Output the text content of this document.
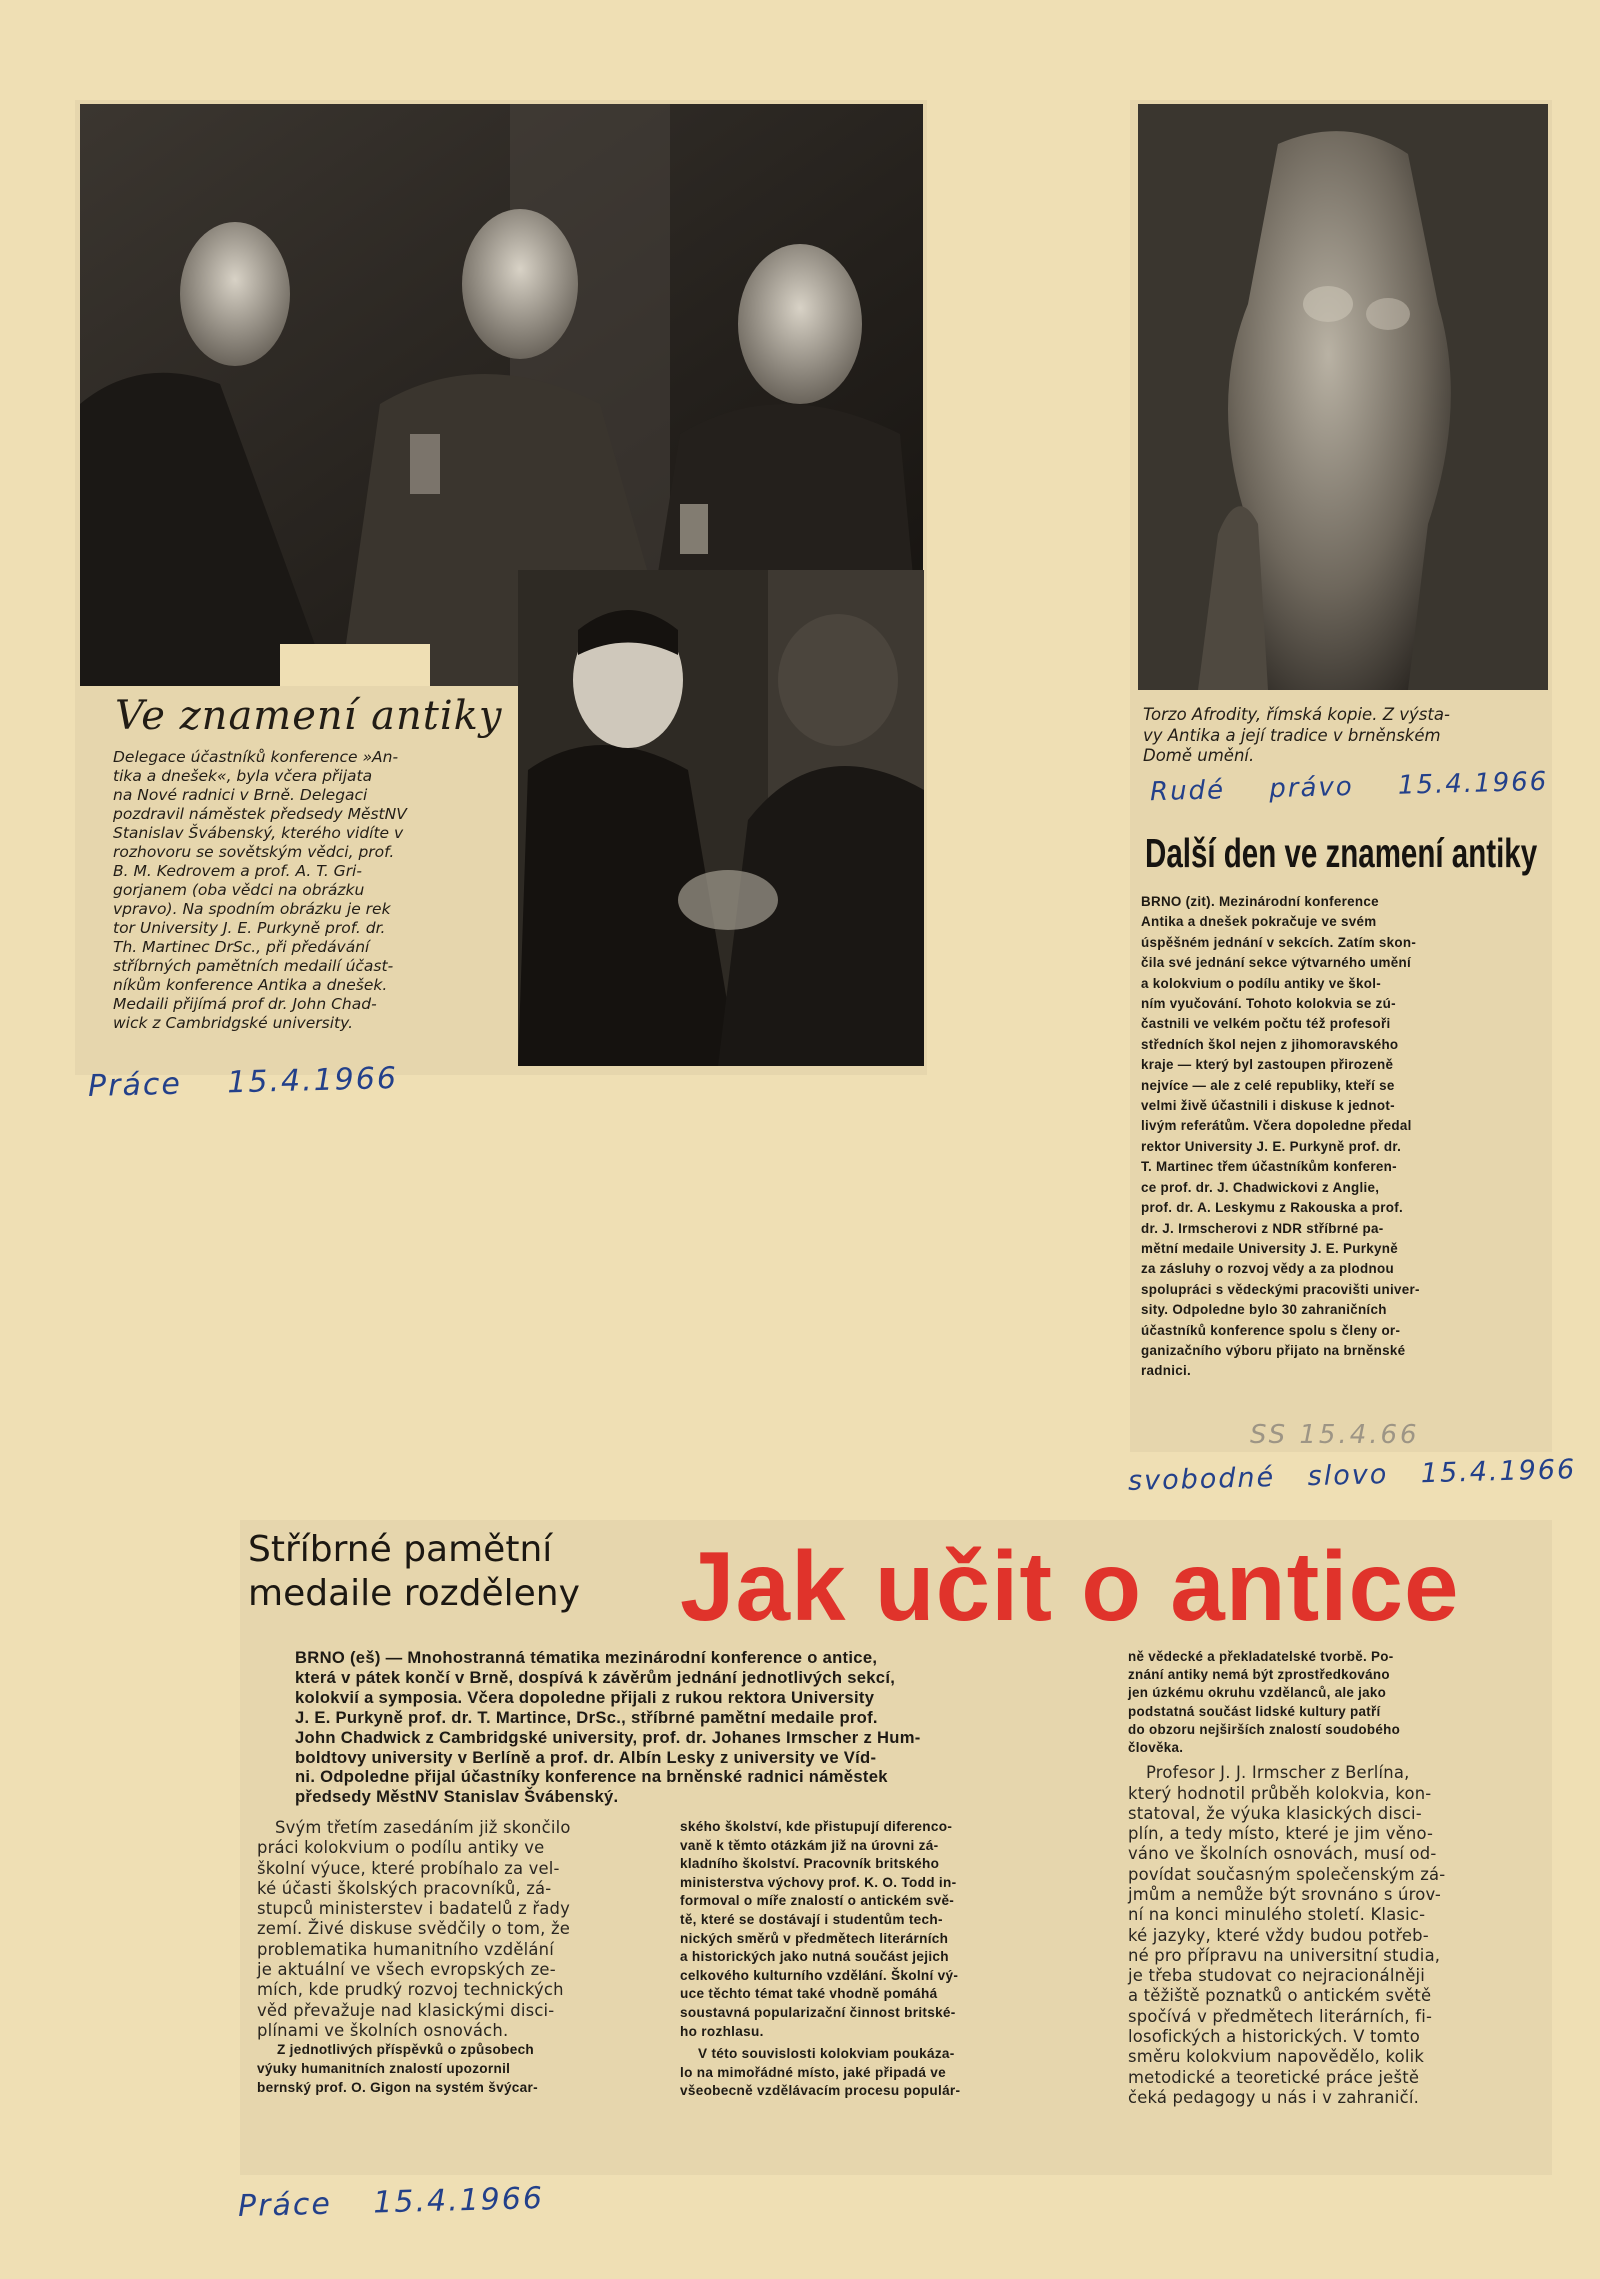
Ve znamení antiky
Delegace účastníků konference »An-
tika a dnešek«, byla včera přijata
na Nové radnici v Brně. Delegaci
pozdravil náměstek předsedy MěstNV
Stanislav Švábenský, kterého vidíte v
rozhovoru se sovětským vědci, prof.
B. M. Kedrovem a prof. A. T. Gri-
gorjanem (oba vědci na obrázku
vpravo). Na spodním obrázku je rek
tor University J. E. Purkyně prof. dr.
Th. Martinec DrSc., při předávání
stříbrných pamětních medailí účast-
níkům konference Antika a dnešek.
Medaili přijímá prof dr. John Chad-
wick z Cambridgské university.
Práce 15.4.1966
Torzo Afrodity, římská kopie. Z výsta-
vy Antika a její tradice v brněnském
Domě umění.
Rudé právo 15.4.1966
Další den ve znamení antiky
BRNO (zit). Mezinárodní konference
Antika a dnešek pokračuje ve svém
úspěšném jednání v sekcích. Zatím skon-
čila své jednání sekce výtvarného umění
a kolokvium o podílu antiky ve škol-
ním vyučování. Tohoto kolokvia se zú-
častnili ve velkém počtu též profesoři
středních škol nejen z jihomoravského
kraje — který byl zastoupen přirozeně
nejvíce — ale z celé republiky, kteří se
velmi živě účastnili i diskuse k jednot-
livým referátům. Včera dopoledne předal
rektor University J. E. Purkyně prof. dr.
T. Martinec třem účastníkům konferen-
ce prof. dr. J. Chadwickovi z Anglie,
prof. dr. A. Leskymu z Rakouska a prof.
dr. J. Irmscherovi z NDR stříbrné pa-
mětní medaile University J. E. Purkyně
za zásluhy o rozvoj vědy a za plodnou
spolupráci s vědeckými pracovišti univer-
sity. Odpoledne bylo 30 zahraničních
účastníků konference spolu s členy or-
ganizačního výboru přijato na brněnské
radnici.
SS 15.4.66
svobodné slovo 15.4.1966
Stříbrné pamětní
medaile rozděleny Jak učit o antice
BRNO (eš) — Mnohostranná tématika mezinárodní konference o antice,
která v pátek končí v Brně, dospívá k závěrům jednání jednotlivých sekcí,
kolokvií a symposia. Včera dopoledne přijali z rukou rektora University
J. E. Purkyně prof. dr. T. Martince, DrSc., stříbrné pamětní medaile prof.
John Chadwick z Cambridgské university, prof. dr. Johanes Irmscher z Hum-
boldtovy university v Berlíně a prof. dr. Albín Lesky z university ve Víd-
ni. Odpoledne přijal účastníky konference na brněnské radnici náměstek
předsedy MěstNV Stanislav Švábenský.
Svým třetím zasedáním již skončilo
práci kolokvium o podílu antiky ve
školní výuce, které probíhalo za vel-
ké účasti školských pracovníků, zá-
stupců ministerstev i badatelů z řady
zemí. Živé diskuse svědčily o tom, že
problematika humanitního vzdělání
je aktuální ve všech evropských ze-
mích, kde prudký rozvoj technických
věd převažuje nad klasickými disci-
plínami ve školních osnovách.
Z jednotlivých příspěvků o způsobech
výuky humanitních znalostí upozornil
bernský prof. O. Gigon na systém švýcar-
ského školství, kde přistupují diferenco-
vaně k těmto otázkám již na úrovni zá-
kladního školství. Pracovník britského
ministerstva výchovy prof. K. O. Todd in-
formoval o míře znalostí o antickém svě-
tě, které se dostávají i studentům tech-
nických směrů v předmětech literárních
a historických jako nutná součást jejich
celkového kulturního vzdělání. Školní vý-
uce těchto témat také vhodně pomáhá
soustavná popularizační činnost britské-
ho rozhlasu.
V této souvislosti kolokviam poukáza-
lo na mimořádné místo, jaké připadá ve
všeobecně vzdělávacím procesu populár-
ně vědecké a překladatelské tvorbě. Po-
znání antiky nemá být zprostředkováno
jen úzkému okruhu vzdělanců, ale jako
podstatná součást lidské kultury patří
do obzoru nejširších znalostí soudobého
člověka.
Profesor J. J. Irmscher z Berlína,
který hodnotil průběh kolokvia, kon-
statoval, že výuka klasických disci-
plín, a tedy místo, které je jim věno-
váno ve školních osnovách, musí od-
povídat současným společenským zá-
jmům a nemůže být srovnáno s úrov-
ní na konci minulého století. Klasic-
ké jazyky, které vždy budou potřeb-
né pro přípravu na universitní studia,
je třeba studovat co nejracionálněji
a těžiště poznatků o antickém světě
spočívá v předmětech literárních, fi-
losofických a historických. V tomto
směru kolokvium napovědělo, kolik
metodické a teoretické práce ještě
čeká pedagogy u nás i v zahraničí.
Práce 15.4.1966
